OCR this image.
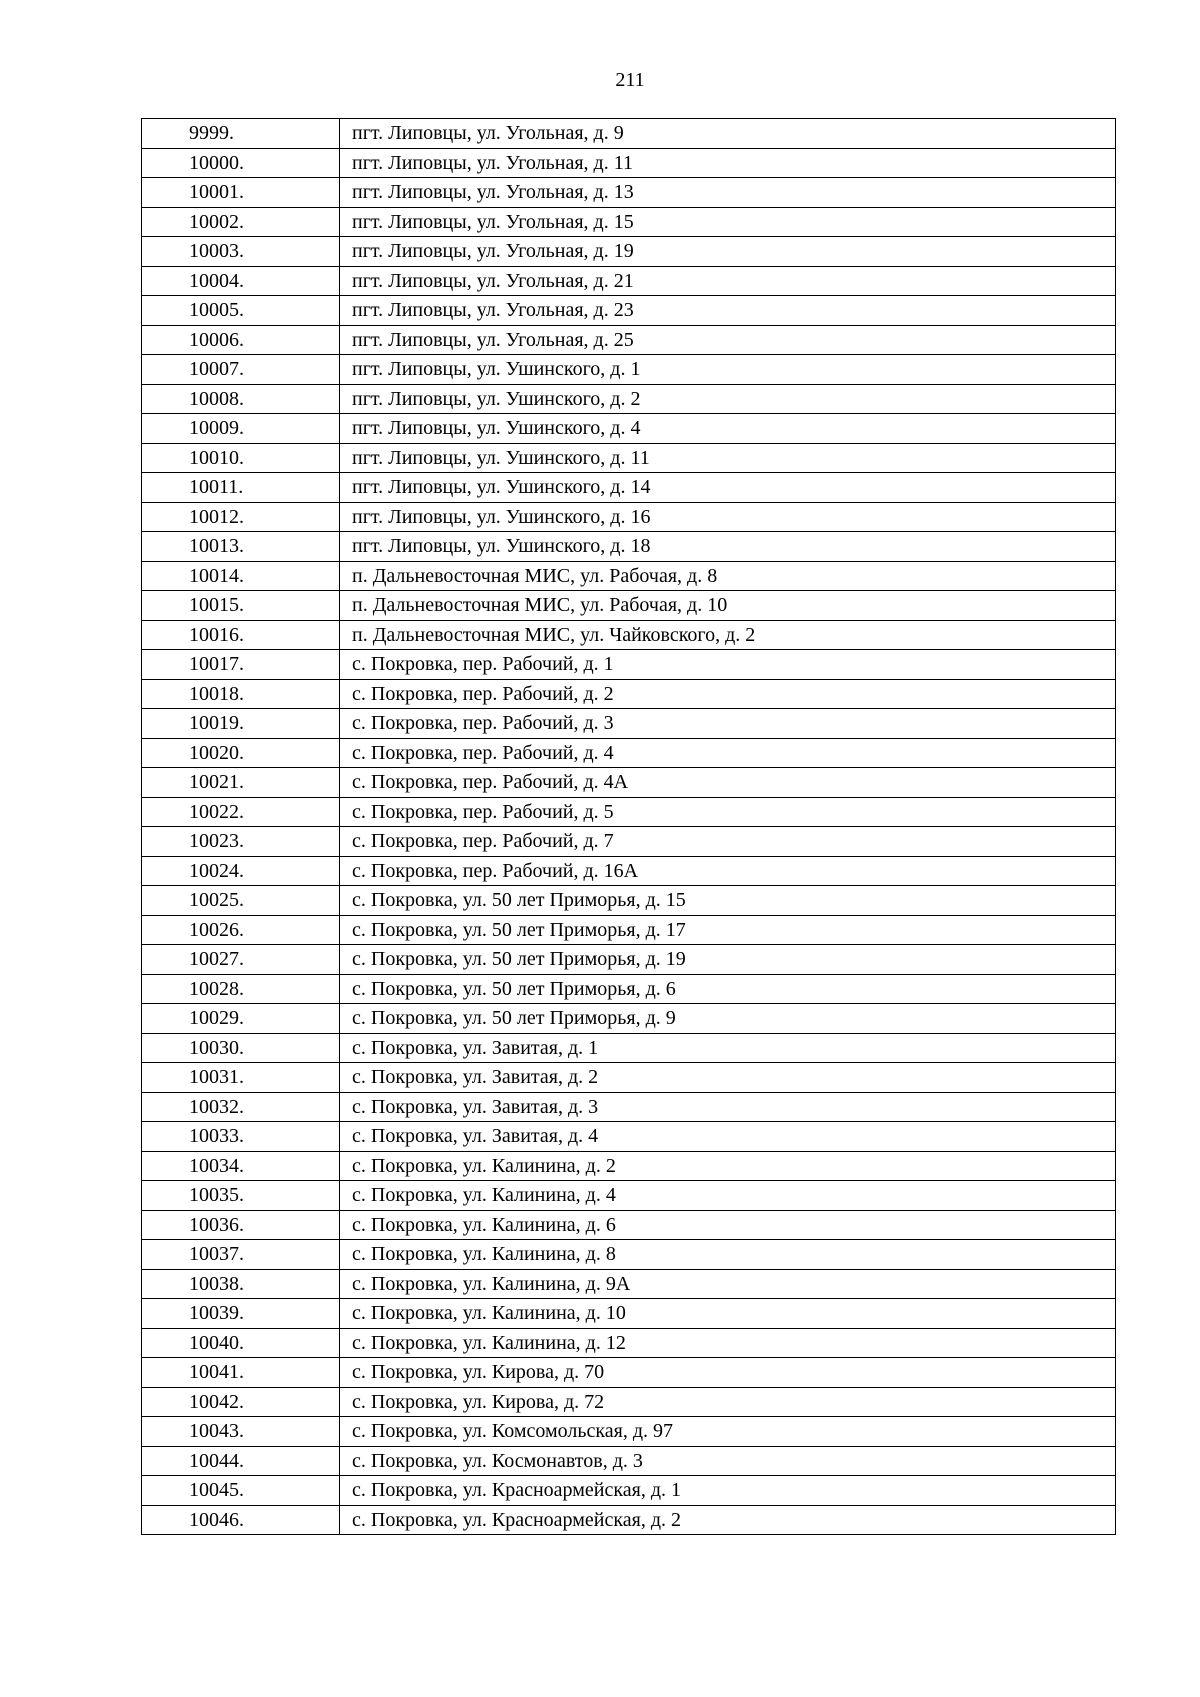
211
9999.	пгт. Липовцы, ул. Угольная, д. 9
10000.	пгт. Липовцы, ул. Угольная, д. 11
10001.	пгт. Липовцы, ул. Угольная, д. 13
10002.	пгт. Липовцы, ул. Угольная, д. 15
10003.	пгт. Липовцы, ул. Угольная, д. 19
10004.	пгт. Липовцы, ул. Угольная, д. 21
10005.	пгт. Липовцы, ул. Угольная, д. 23
10006.	пгт. Липовцы, ул. Угольная, д. 25
10007.	пгт. Липовцы, ул. Ушинского, д. 1
10008.	пгт. Липовцы, ул. Ушинского, д. 2
10009.	пгт. Липовцы, ул. Ушинского, д. 4
10010.	пгт. Липовцы, ул. Ушинского, д. 11
10011.	пгт. Липовцы, ул. Ушинского, д. 14
10012.	пгт. Липовцы, ул. Ушинского, д. 16
10013.	пгт. Липовцы, ул. Ушинского, д. 18
10014.	п. Дальневосточная МИС, ул. Рабочая, д. 8
10015.	п. Дальневосточная МИС, ул. Рабочая, д. 10
10016.	п. Дальневосточная МИС, ул. Чайковского, д. 2
10017.	с. Покровка, пер. Рабочий, д. 1
10018.	с. Покровка, пер. Рабочий, д. 2
10019.	с. Покровка, пер. Рабочий, д. 3
10020.	с. Покровка, пер. Рабочий, д. 4
10021.	с. Покровка, пер. Рабочий, д. 4А
10022.	с. Покровка, пер. Рабочий, д. 5
10023.	с. Покровка, пер. Рабочий, д. 7
10024.	с. Покровка, пер. Рабочий, д. 16А
10025.	с. Покровка, ул. 50 лет Приморья, д. 15
10026.	с. Покровка, ул. 50 лет Приморья, д. 17
10027.	с. Покровка, ул. 50 лет Приморья, д. 19
10028.	с. Покровка, ул. 50 лет Приморья, д. 6
10029.	с. Покровка, ул. 50 лет Приморья, д. 9
10030.	с. Покровка, ул. Завитая, д. 1
10031.	с. Покровка, ул. Завитая, д. 2
10032.	с. Покровка, ул. Завитая, д. 3
10033.	с. Покровка, ул. Завитая, д. 4
10034.	с. Покровка, ул. Калинина, д. 2
10035.	с. Покровка, ул. Калинина, д. 4
10036.	с. Покровка, ул. Калинина, д. 6
10037.	с. Покровка, ул. Калинина, д. 8
10038.	с. Покровка, ул. Калинина, д. 9А
10039.	с. Покровка, ул. Калинина, д. 10
10040.	с. Покровка, ул. Калинина, д. 12
10041.	с. Покровка, ул. Кирова, д. 70
10042.	с. Покровка, ул. Кирова, д. 72
10043.	с. Покровка, ул. Комсомольская, д. 97
10044.	с. Покровка, ул. Космонавтов, д. 3
10045.	с. Покровка, ул. Красноармейская, д. 1
10046.	с. Покровка, ул. Красноармейская, д. 2
